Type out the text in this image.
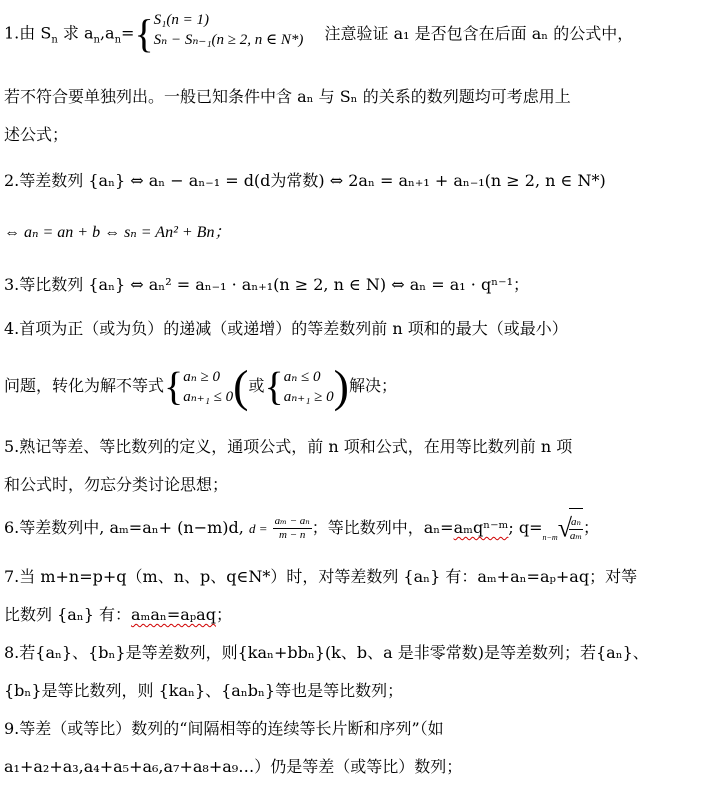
1.由 $S_n$ 求 $a_n,a_n=${ S₁(n = 1)
Sₙ − Sₙ₋₁(n ≥ 2, n ∈ N*) 注意验证 a₁ 是否包含在后面 aₙ 的公式中，
若不符合要单独列出。一般已知条件中含 aₙ 与 Sₙ 的关系的数列题均可考虑用上
述公式；
2.等差数列 {aₙ} ⇔ aₙ − aₙ₋₁ = d(d为常数) ⇔ 2aₙ = aₙ₊₁ + aₙ₋₁(n ≥ 2, n ∈ N*)
⇔ aₙ = an + b ⇔ sₙ = An² + Bn；
3.等比数列 {aₙ} ⇔ aₙ² = aₙ₋₁ · aₙ₊₁(n ≥ 2, n ∈ N) ⇔ aₙ = a₁ · qⁿ⁻¹；
4.首项为正（或为负）的递减（或递增）的等差数列前 n 项和的最大（或最小）
问题，转化为解不等式{ aₙ ≥ 0
aₙ₊₁ ≤ 0 (或{ aₙ ≤ 0
aₙ₊₁ ≥ 0 )解决；
5.熟记等差、等比数列的定义，通项公式，前 n 项和公式，在用等比数列前 n 项
和公式时，勿忘分类讨论思想；
6.等差数列中, aₘ=aₙ+ (n−m)d, $d = \frac{\text{aₘ − aₙ}}{m - n}$ ；等比数列中，aₙ=aₘqⁿ⁻ᵐ; q=$^{n-m}$√
$\frac{\text{aₙ}}{\text{aₘ}}$ ；
7.当 m+n=p+q（m、n、p、q∈N*）时，对等差数列 {aₙ} 有：aₘ+aₙ=aₚ+aq；对等
比数列 {aₙ} 有：aₘaₙ=aₚaq；
8.若{aₙ}、{bₙ}是等差数列，则{kaₙ+bbₙ}(k、b、a 是非零常数)是等差数列；若{aₙ}、
{bₙ}是等比数列，则 {kaₙ}、{aₙbₙ}等也是等比数列；
9.等差（或等比）数列的“间隔相等的连续等长片断和序列”（如
a₁+a₂+a₃,a₄+a₅+a₆,a₇+a₈+a₉…）仍是等差（或等比）数列；
